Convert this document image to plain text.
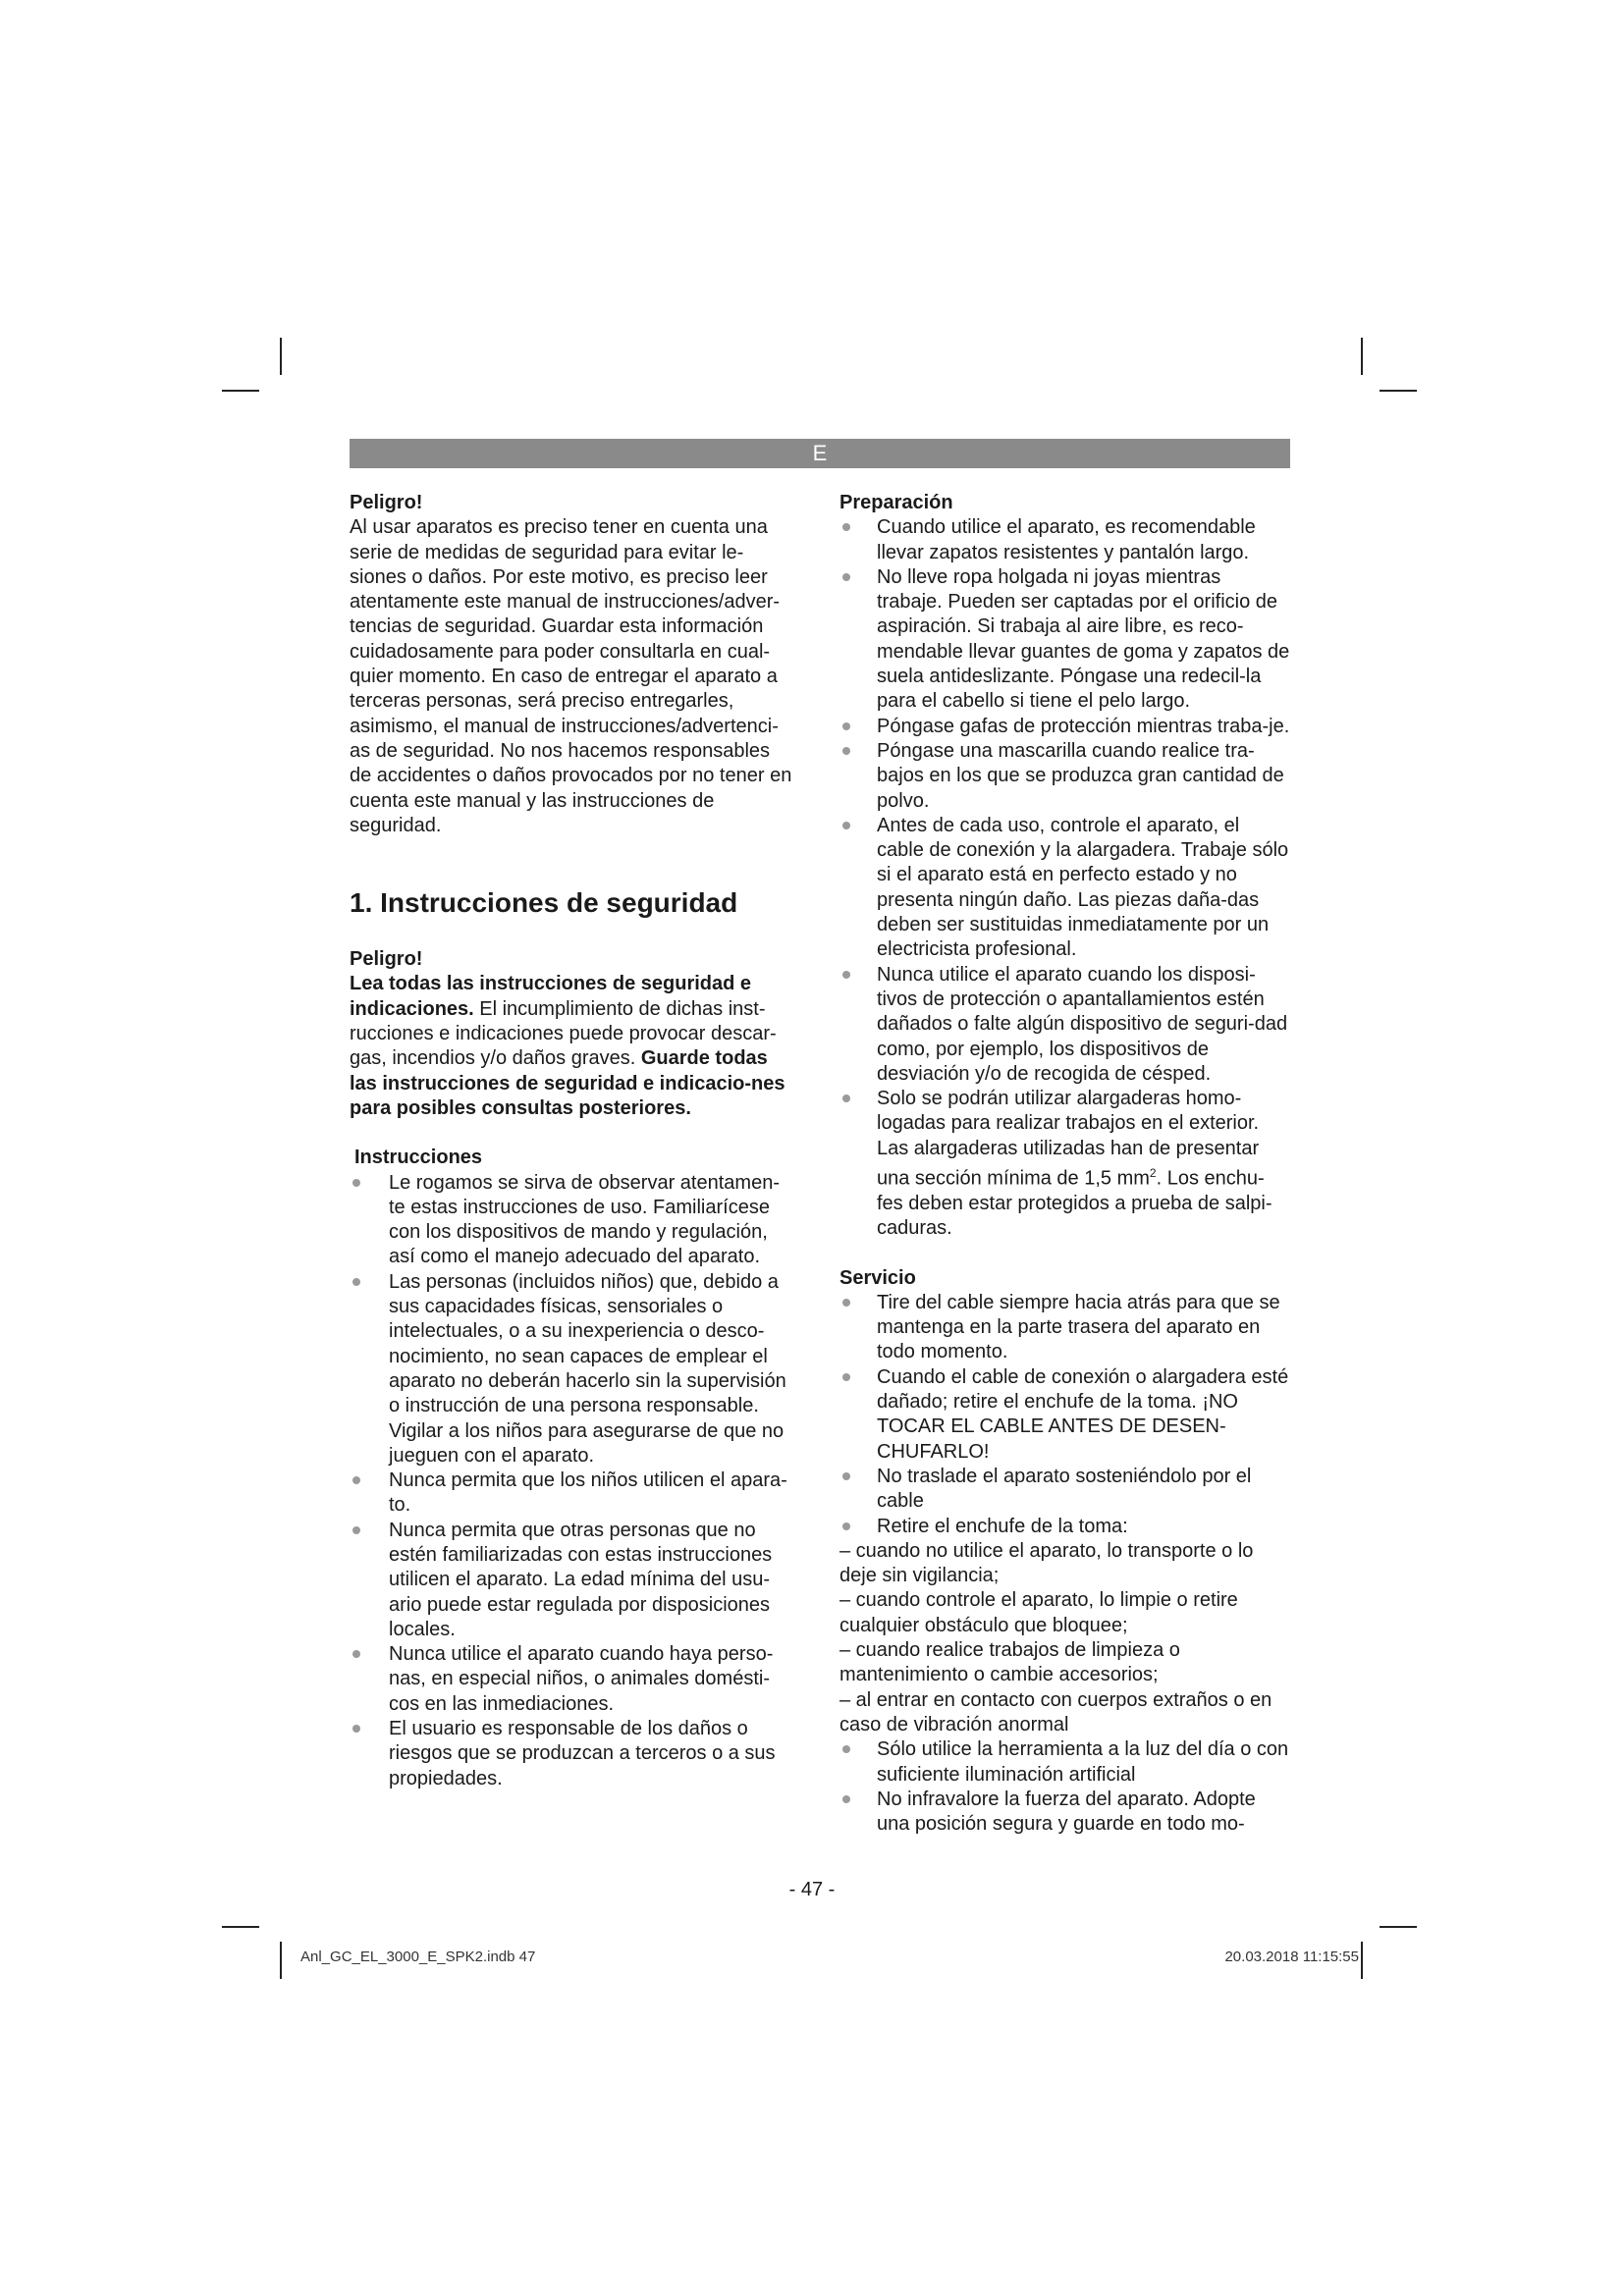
E

Peligro!

Al usar aparatos es preciso tener en cuenta una serie de medidas de seguridad para evitar le-siones o daños. Por este motivo, es preciso leer atentamente este manual de instrucciones/adver-tencias de seguridad. Guardar esta información cuidadosamente para poder consultarla en cual-quier momento. En caso de entregar el aparato a terceras personas, será preciso entregarles, asimismo, el manual de instrucciones/advertenci-as de seguridad. No nos hacemos responsables de accidentes o daños provocados por no tener en cuenta este manual y las instrucciones de seguridad.

1. Instrucciones de seguridad

Peligro!

Lea todas las instrucciones de seguridad e indicaciones. El incumplimiento de dichas inst-rucciones e indicaciones puede provocar descar-gas, incendios y/o daños graves. Guarde todas las instrucciones de seguridad e indicacio-nes para posibles consultas posteriores.

Instrucciones

Le rogamos se sirva de observar atentamen-te estas instrucciones de uso. Familiarícese con los dispositivos de mando y regulación, así como el manejo adecuado del aparato.
Las personas (incluidos niños) que, debido a sus capacidades físicas, sensoriales o intelectuales, o a su inexperiencia o desco-nocimiento, no sean capaces de emplear el aparato no deberán hacerlo sin la supervisión o instrucción de una persona responsable. Vigilar a los niños para asegurarse de que no jueguen con el aparato.
Nunca permita que los niños utilicen el apara-to.
Nunca permita que otras personas que no estén familiarizadas con estas instrucciones utilicen el aparato. La edad mínima del usu-ario puede estar regulada por disposiciones locales.
Nunca utilice el aparato cuando haya perso-nas, en especial niños, o animales domésti-cos en las inmediaciones.
El usuario es responsable de los daños o riesgos que se produzcan a terceros o a sus propiedades.

Preparación

Cuando utilice el aparato, es recomendable llevar zapatos resistentes y pantalón largo.
No lleve ropa holgada ni joyas mientras trabaje. Pueden ser captadas por el orificio de aspiración. Si trabaja al aire libre, es reco-mendable llevar guantes de goma y zapatos de suela antideslizante. Póngase una redecil-la para el cabello si tiene el pelo largo.
Póngase gafas de protección mientras traba-je.
Póngase una mascarilla cuando realice tra-bajos en los que se produzca gran cantidad de polvo.
Antes de cada uso, controle el aparato, el cable de conexión y la alargadera. Trabaje sólo si el aparato está en perfecto estado y no presenta ningún daño. Las piezas daña-das deben ser sustituidas inmediatamente por un electricista profesional.
Nunca utilice el aparato cuando los disposi-tivos de protección o apantallamientos estén dañados o falte algún dispositivo de seguri-dad como, por ejemplo, los dispositivos de desviación y/o de recogida de césped.
Solo se podrán utilizar alargaderas homo-logadas para realizar trabajos en el exterior. Las alargaderas utilizadas han de presentar una sección mínima de 1,5 $mm^2$. Los enchu-fes deben estar protegidos a prueba de salpi-caduras.

Servicio

Tire del cable siempre hacia atrás para que se mantenga en la parte trasera del aparato en todo momento.
Cuando el cable de conexión o alargadera esté dañado; retire el enchufe de la toma. ¡NO TOCAR EL CABLE ANTES DE DESEN-CHUFARLO!
No traslade el aparato sosteniéndolo por el cable
Retire el enchufe de la toma:
– cuando no utilice el aparato, lo transporte o lo deje sin vigilancia;
– cuando controle el aparato, lo limpie o retire cualquier obstáculo que bloquee;
– cuando realice trabajos de limpieza o mantenimiento o cambie accesorios;
– al entrar en contacto con cuerpos extraños o en caso de vibración anormal
Sólo utilice la herramienta a la luz del día o con suficiente iluminación artificial
No infravalore la fuerza del aparato. Adopte una posición segura y guarde en todo mo-
- 47 -
Anl_GC_EL_3000_E_SPK2.indb 47	20.03.2018 11:15:55
